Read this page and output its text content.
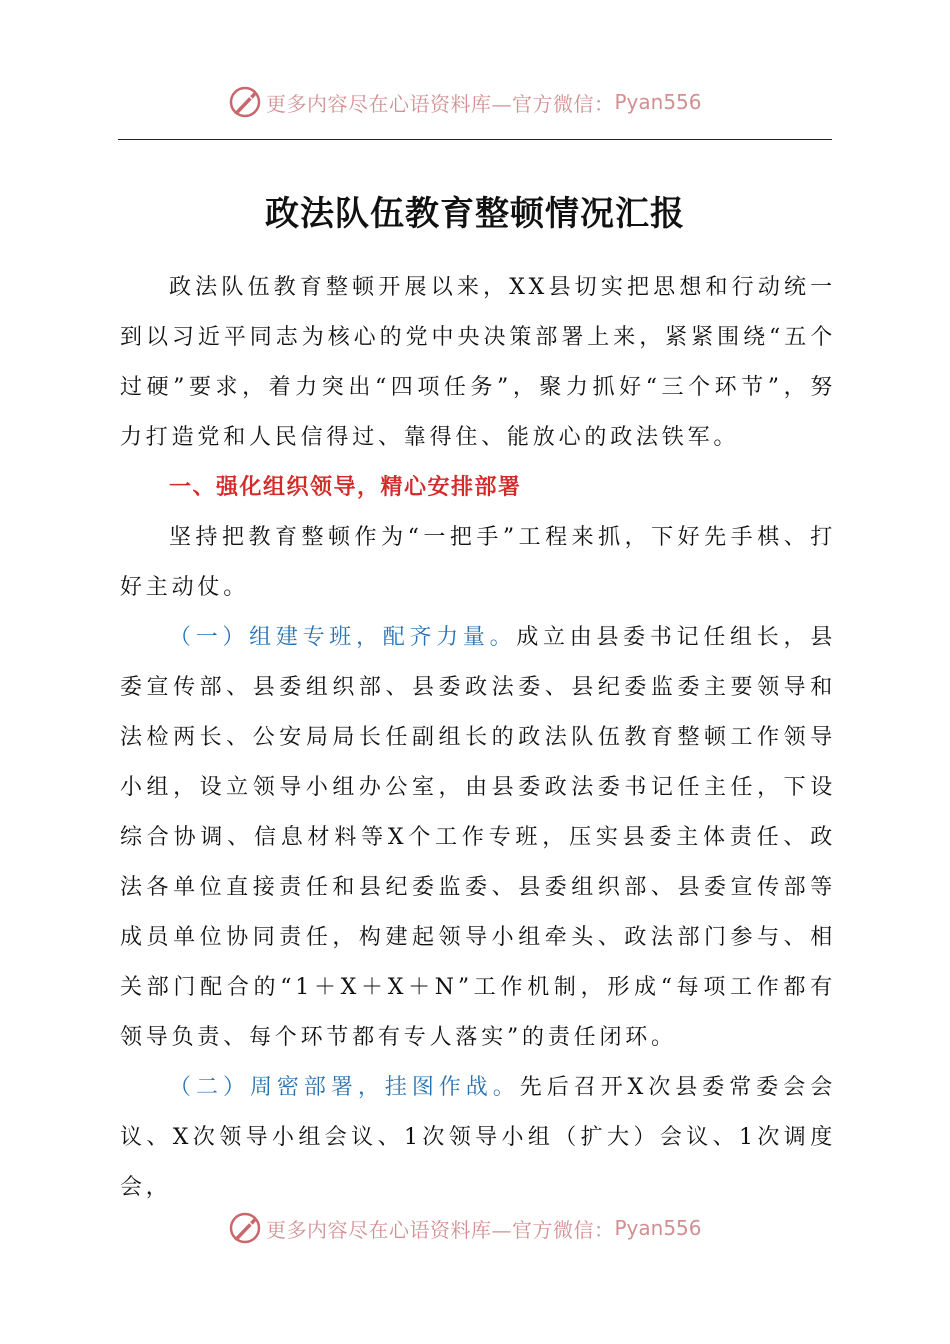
更多内容尽在心语资料库—官方微信： Pyan556
政法队伍教育整顿情况汇报

政法队伍教育整顿开展以来，XX县切实把思想和行动统一到以习近平同志为核心的党中央决策部署上来，紧紧围绕“五个过硬”要求，着力突出“四项任务”，聚力抓好“三个环节”，努力打造党和人民信得过、靠得住、能放心的政法铁军。

一、强化组织领导，精心安排部署

坚持把教育整顿作为“一把手”工程来抓，下好先手棋、打好主动仗。

（一）组建专班，配齐力量。成立由县委书记任组长，县委宣传部、县委组织部、县委政法委、县纪委监委主要领导和法检两长、公安局局长任副组长的政法队伍教育整顿工作领导小组，设立领导小组办公室，由县委政法委书记任主任，下设综合协调、信息材料等X个工作专班，压实县委主体责任、政法各单位直接责任和县纪委监委、县委组织部、县委宣传部等成员单位协同责任，构建起领导小组牵头、政法部门参与、相关部门配合的“1＋X＋X＋N”工作机制，形成“每项工作都有领导负责、每个环节都有专人落实”的责任闭环。

（二）周密部署，挂图作战。先后召开X次县委常委会会议、X次领导小组会议、1次领导小组（扩大）会议、1次调度会，

更多内容尽在心语资料库—官方微信： Pyan556
